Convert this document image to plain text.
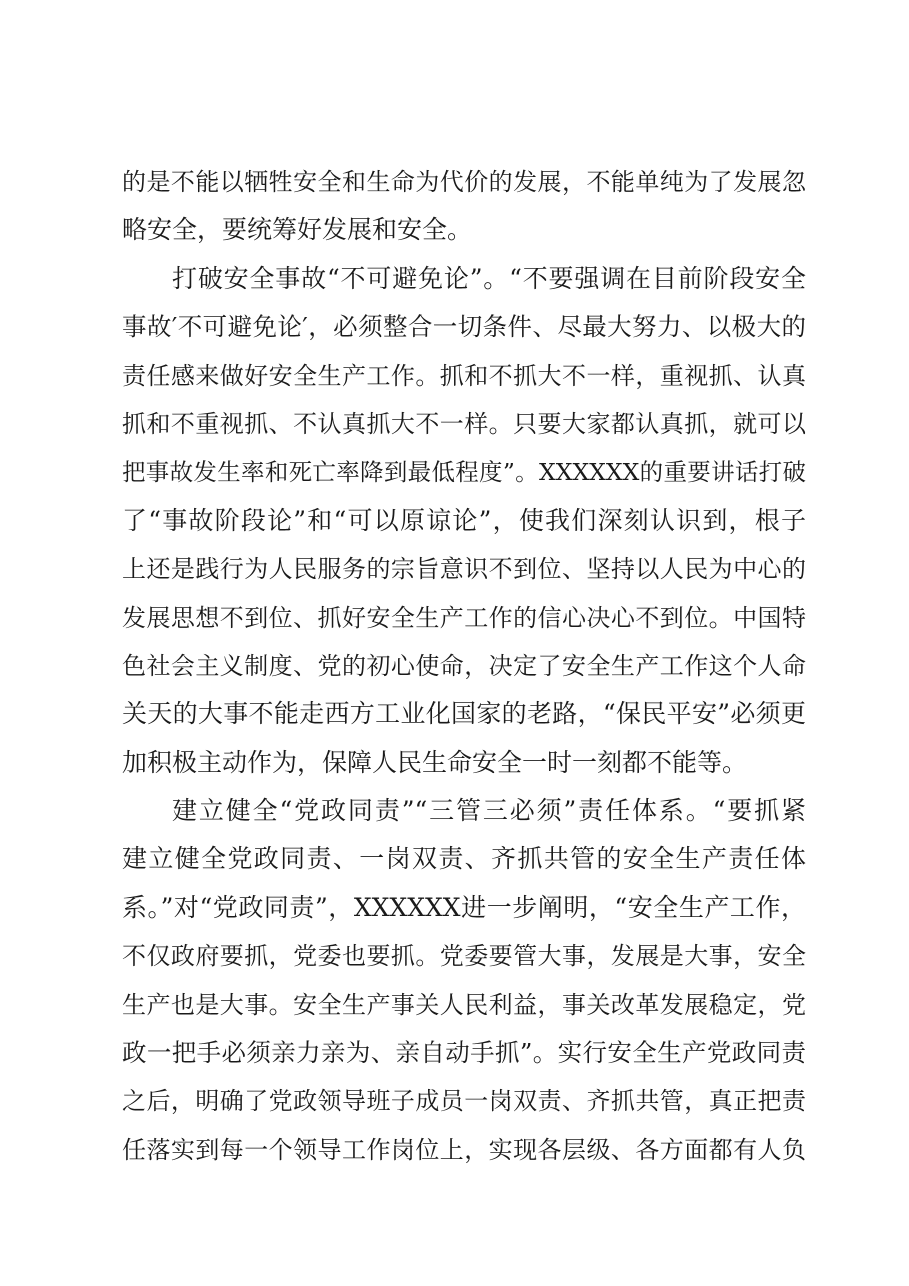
的是不能以牺牲安全和生命为代价的发展，不能单纯为了发展忽
略安全，要统筹好发展和安全。
打破安全事故“不可避免论”。“不要强调在目前阶段安全
事故′不可避免论′，必须整合一切条件、尽最大努力、以极大的
责任感来做好安全生产工作。抓和不抓大不一样，重视抓、认真
抓和不重视抓、不认真抓大不一样。只要大家都认真抓，就可以
把事故发生率和死亡率降到最低程度”。XXXXXX的重要讲话打破
了“事故阶段论”和“可以原谅论”，使我们深刻认识到，根子
上还是践行为人民服务的宗旨意识不到位、坚持以人民为中心的
发展思想不到位、抓好安全生产工作的信心决心不到位。中国特
色社会主义制度、党的初心使命，决定了安全生产工作这个人命
关天的大事不能走西方工业化国家的老路，“保民平安”必须更
加积极主动作为，保障人民生命安全一时一刻都不能等。
建立健全“党政同责”“三管三必须”责任体系。“要抓紧
建立健全党政同责、一岗双责、齐抓共管的安全生产责任体
系。”对“党政同责”，XXXXXX进一步阐明，“安全生产工作，
不仅政府要抓，党委也要抓。党委要管大事，发展是大事，安全
生产也是大事。安全生产事关人民利益，事关改革发展稳定，党
政一把手必须亲力亲为、亲自动手抓”。实行安全生产党政同责
之后，明确了党政领导班子成员一岗双责、齐抓共管，真正把责
任落实到每一个领导工作岗位上，实现各层级、各方面都有人负
